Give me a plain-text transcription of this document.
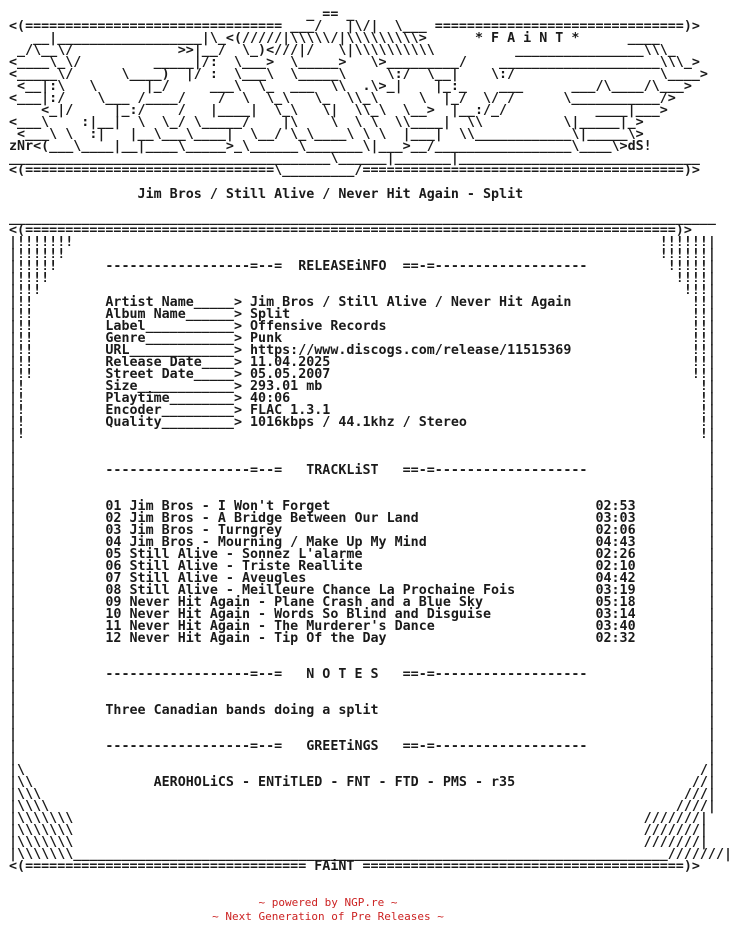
_ == _
<(================================ ___/   |\/|  \___ ===============================)>
__|__________________|\_<(/////|\\\\\/|\\\\\\\\\>      * F A i N T *      ____
_/\__\/             >>|__/  \_)<///|/   \|\\\\\\\\\\          ________________\\\_
<____\_\/         _____|/:  \___>  \_____>   \>_________/    ____________________\\\_>
<_____\/      \____)  |/ :  \___\  \_____\     \:/  \__|    \:/                  \____>
<__|:\   \      |_/     ___\  \_  ___  \\  .\>_|    |_:_    ___      ___/\____/\___>
<___|:/    \___ /____/    /  \  \_\   \_  \\_\     \  |_/  \/ /      \___________/>
<_|/     |_:/    /   |____|  \_\   \|  \\_\  \__>  |__:/_/           ____|___>
<___\    :|__|  \  \_/ \_____/    |\    \  \ \  \\____|  \\          \|_____|_>
<___\ \  :|   |__\___\____|  \__/ \_\____\ \ \  |___|  \\____________\|_____\>
zNr<(___\____|__|____\_____>_\______\_______\|___>__/_________________\____\>dS!
________________________________________\______|_______|______________________________
<(===============================\_________/========================================)>

Jim Bros / Still Alive / Never Hit Again - Split

________________________________________________________________________________________
<(=================================================================================)>
|!!!!!!!                                                                         !!!!!!|
|!!!!!!                                                                          !!!!!!|
|!!!!!      ------------------=--=  RELEASEiNFO  ==-=-------------------          !!!!!|
|!!!!                                                                              !!!!|
|!!!                                                                                !!!|
|!!         Artist Name_____> Jim Bros / Still Alive / Never Hit Again               !!|
|!!         Album Name______> Split                                                  !!|
|!!         Label___________> Offensive Records                                      !!|
|!!         Genre___________> Punk                                                   !!|
|!!         URL_____________> https://www.discogs.com/release/11515369               !!|
|!!         Release Date____> 11.04.2025                                             !!|
|!!         Street Date_____> 05.05.2007                                             !!|
|!          Size____________> 293.01 mb                                               !|
|!          Playtime________> 40:06                                                   !|
|!          Encoder_________> FLAC 1.3.1                                              !|
|!          Quality_________> 1016kbps / 44.1khz / Stereo                             !|
|!                                                                                    !|
|                                                                                      |
|                                                                                      |
|           ------------------=--=   TRACKLiST   ==-=-------------------               |
|                                                                                      |
|                                                                                      |
|           01 Jim Bros - I Won't Forget                                 02:53         |
|           02 Jim Bros - A Bridge Between Our Land                      03:03         |
|           03 Jim Bros - Turngrey                                       02:06         |
|           04 Jim Bros - Mourning / Make Up My Mind                     04:43         |
|           05 Still Alive - Sonnez L'alarme                             02:26         |
|           06 Still Alive - Triste Reallite                             02:10         |
|           07 Still Alive - Aveugles                                    04:42         |
|           08 Still Alive - Meilleure Chance La Prochaine Fois          03:19         |
|           09 Never Hit Again - Plane Crash and a Blue Sky              05:18         |
|           10 Never Hit Again - Words So Blind and Disguise             03:14         |
|           11 Never Hit Again - The Murderer's Dance                    03:40         |
|           12 Never Hit Again - Tip Of the Day                          02:32         |
|                                                                                      |
|                                                                                      |
|           ------------------=--=   N O T E S   ==-=-------------------               |
|                                                                                      |
|                                                                                      |
|           Three Canadian bands doing a split                                         |
|                                                                                      |
|                                                                                      |
|           ------------------=--=   GREETiNGS   ==-=-------------------               |
|                                                                                      |
|\                                                                                    /|
|\\               AEROHOLiCS - ENTiTLED - FNT - FTD - PMS - r35                      //|
|\\\                                                                                ///|
|\\\\                                                                              ////|
|\\\\\\\                                                                       ///////|
|\\\\\\\                                                                       ///////|
|\\\\\\\                                                                       ///////|
|\\\\\\\__________________________________________________________________________///////|
<(=================================== FAiNT ========================================)>
~ powered by NGP.re ~
~ Next Generation of Pre Releases ~
